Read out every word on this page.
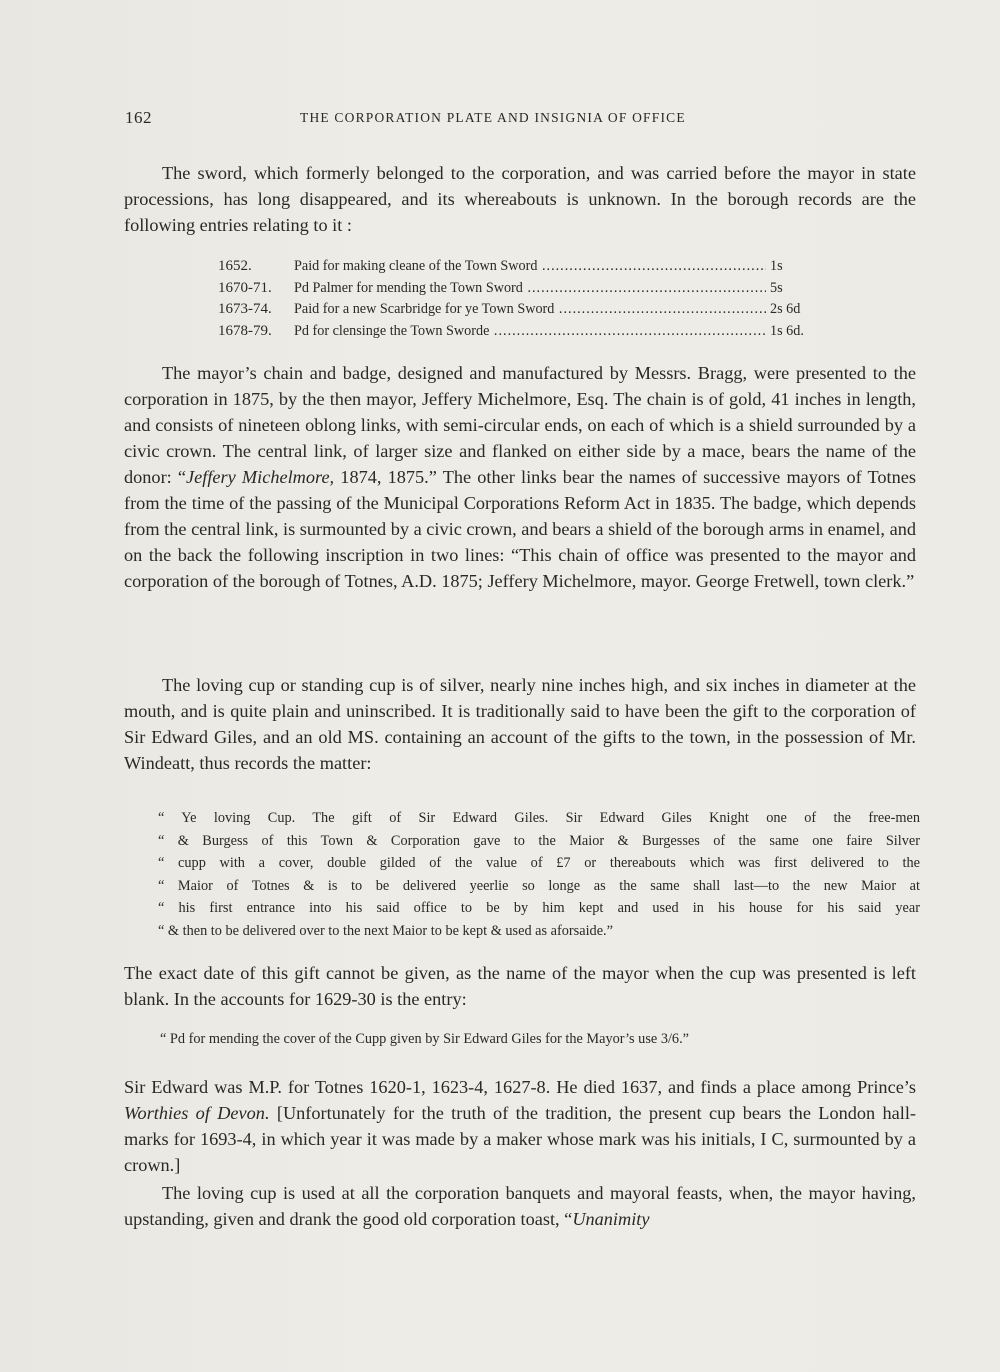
162	THE CORPORATION PLATE AND INSIGNIA OF OFFICE

The sword, which formerly belonged to the corporation, and was carried before the mayor in state processions, has long disappeared, and its whereabouts is unknown. In the borough records are the following entries relating to it :

1652.	Paid for making cleane of the Town Sword .....	1s
1670-71.	Pd Palmer for mending the Town Sword .....	5s
1673-74.	Paid for a new Scarbridge for ye Town Sword .....	2s 6d
1678-79.	Pd for clensinge the Town Sworde .....	1s 6d.

The mayor’s chain and badge, designed and manufactured by Messrs. Bragg, were presented to the corporation in 1875, by the then mayor, Jeffery Michelmore, Esq. The chain is of gold, 41 inches in length, and consists of nineteen oblong links, with semi-circular ends, on each of which is a shield surrounded by a civic crown. The central link, of larger size and flanked on either side by a mace, bears the name of the donor: “Jeffery Michelmore, 1874, 1875.” The other links bear the names of successive mayors of Totnes from the time of the passing of the Municipal Corporations Reform Act in 1835. The badge, which depends from the central link, is surmounted by a civic crown, and bears a shield of the borough arms in enamel, and on the back the following inscription in two lines: “This chain of office was presented to the mayor and corporation of the borough of Totnes, A.D. 1875; Jeffery Michelmore, mayor. George Fretwell, town clerk.”

The loving cup or standing cup is of silver, nearly nine inches high, and six inches in diameter at the mouth, and is quite plain and uninscribed. It is traditionally said to have been the gift to the corporation of Sir Edward Giles, and an old MS. containing an account of the gifts to the town, in the possession of Mr. Windeatt, thus records the matter:

“ Ye loving Cup. The gift of Sir Edward Giles. Sir Edward Giles Knight one of the free-men
“ & Burgess of this Town & Corporation gave to the Maior & Burgesses of the same one faire Silver
“ cupp with a cover, double gilded of the value of £7 or thereabouts which was first delivered to the
“ Maior of Totnes & is to be delivered yeerlie so longe as the same shall last—to the new Maior at
“ his first entrance into his said office to be by him kept and used in his house for his said year
“ & then to be delivered over to the next Maior to be kept & used as aforsaide.”

The exact date of this gift cannot be given, as the name of the mayor when the cup was presented is left blank. In the accounts for 1629-30 is the entry:

“ Pd for mending the cover of the Cupp given by Sir Edward Giles for the Mayor’s use 3/6.”

Sir Edward was M.P. for Totnes 1620-1, 1623-4, 1627-8. He died 1637, and finds a place among Prince’s Worthies of Devon. [Unfortunately for the truth of the tradition, the present cup bears the London hall-marks for 1693-4, in which year it was made by a maker whose mark was his initials, I C, surmounted by a crown.]

The loving cup is used at all the corporation banquets and mayoral feasts, when, the mayor having, upstanding, given and drank the good old corporation toast, “Unanimity
